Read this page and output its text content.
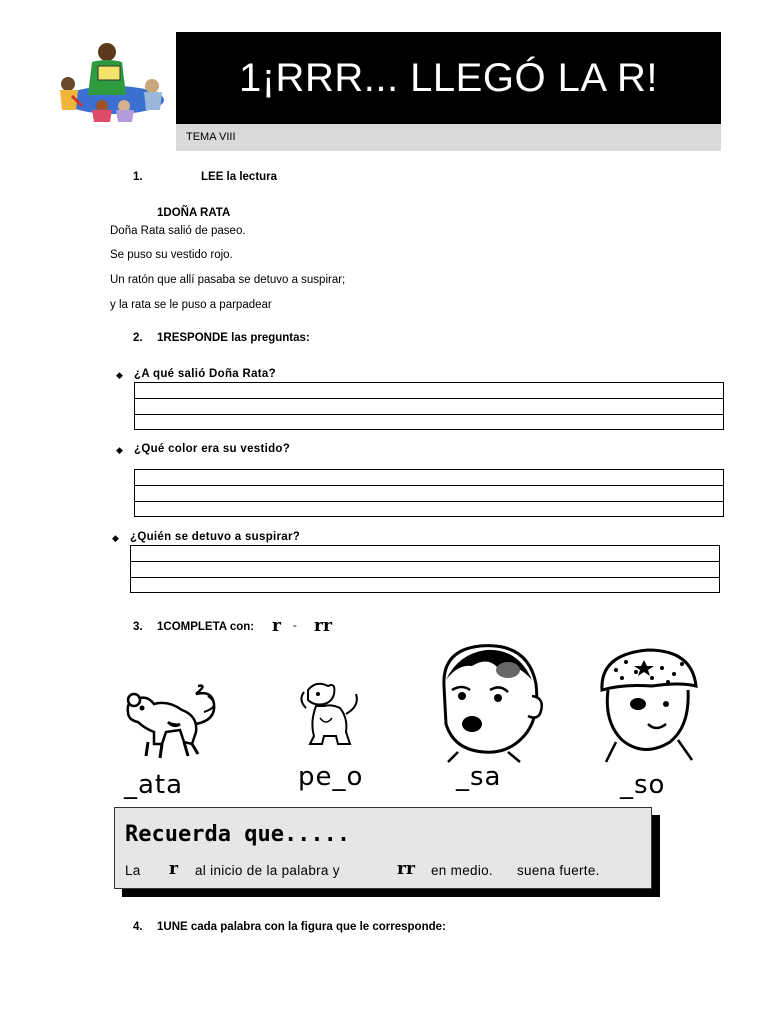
1¡RRR... LLEGÓ LA R!
TEMA VIII
1.	LEE la lectura
1DOÑA RATA
Doña Rata salió de paseo.
Se puso su vestido rojo.
Un ratón que allí pasaba se detuvo a suspirar;
y la rata se le puso a parpadear
2. 1RESPONDE las preguntas:
◆ ¿A qué salió Doña Rata?
◆ ¿Qué color era su vestido?
◆ ¿Quién se detuvo a suspirar?
3. 1COMPLETA con: r - rr
_ata	pe_o	_sa	_so
Recuerda que.....
La r al inicio de la palabra y	rr en medio. suena fuerte.
4. 1UNE cada palabra con la figura que le corresponde:
